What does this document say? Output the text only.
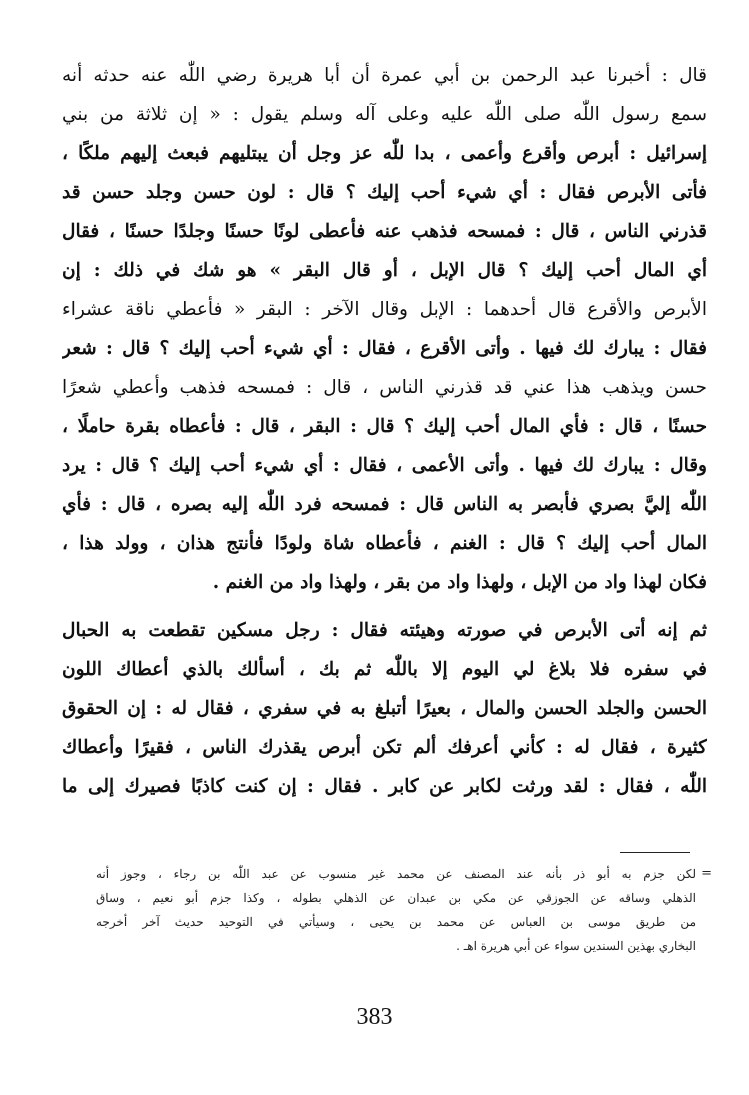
قال : أخبرنا عبد الرحمن بن أبي عمرة أن أبا هريرة رضي اللّٰه عنه حدثه أنه
سمع رسول اللّٰه صلى اللّٰه عليه وعلى آله وسلم يقول : « إن ثلاثة من بني
إسرائيل : أبرص وأقرع وأعمى ، بدا للّٰه عز وجل أن يبتليهم فبعث إليهم ملكًا ،
فأتى الأبرص فقال : أي شيء أحب إليك ؟ قال : لون حسن وجلد حسن قد
قذرني الناس ، قال : فمسحه فذهب عنه فأعطى لونًا حسنًا وجلدًا حسنًا ، فقال
أي المال أحب إليك ؟ قال الإبل ، أو قال البقر » هو شك في ذلك : إن
الأبرص والأقرع قال أحدهما : الإبل وقال الآخر : البقر « فأعطي ناقة عشراء
فقال : يبارك لك فيها . وأتى الأقرع ، فقال : أي شيء أحب إليك ؟ قال : شعر
حسن ويذهب هذا عني قد قذرني الناس ، قال : فمسحه فذهب وأعطي شعرًا
حسنًا ، قال : فأي المال أحب إليك ؟ قال : البقر ، قال : فأعطاه بقرة حاملًا ،
وقال : يبارك لك فيها . وأتى الأعمى ، فقال : أي شيء أحب إليك ؟ قال : يرد
اللّٰه إليَّ بصري فأبصر به الناس قال : فمسحه فرد اللّٰه إليه بصره ، قال : فأي
المال أحب إليك ؟ قال : الغنم ، فأعطاه شاة ولودًا فأنتج هذان ، وولد هذا ،
فكان لهذا واد من الإبل ، ولهذا واد من بقر ، ولهذا واد من الغنم .

ثم إنه أتى الأبرص في صورته وهيئته فقال : رجل مسكين تقطعت به الحبال
في سفره فلا بلاغ لي اليوم إلا باللّٰه ثم بك ، أسألك بالذي أعطاك اللون
الحسن والجلد الحسن والمال ، بعيرًا أتبلغ به في سفري ، فقال له : إن الحقوق
كثيرة ، فقال له : كأني أعرفك ألم تكن أبرص يقذرك الناس ، فقيرًا وأعطاك
اللّٰه ، فقال : لقد ورثت لكابر عن كابر . فقال : إن كنت كاذبًا فصيرك إلى ما

=
لكن جزم به أبو ذر بأنه عند المصنف عن محمد غير منسوب عن عبد اللّٰه بن رجاء ، وجوز أنه
الذهلي وساقه عن الجوزقي عن مكي بن عبدان عن الذهلي بطوله ، وكذا جزم أبو نعيم ، وساق
من طريق موسى بن العباس عن محمد بن يحيى ، وسيأتي في التوحيد حديث آخر أخرجه
البخاري بهذين السندين سواء عن أبي هريرة اهـ .
383
